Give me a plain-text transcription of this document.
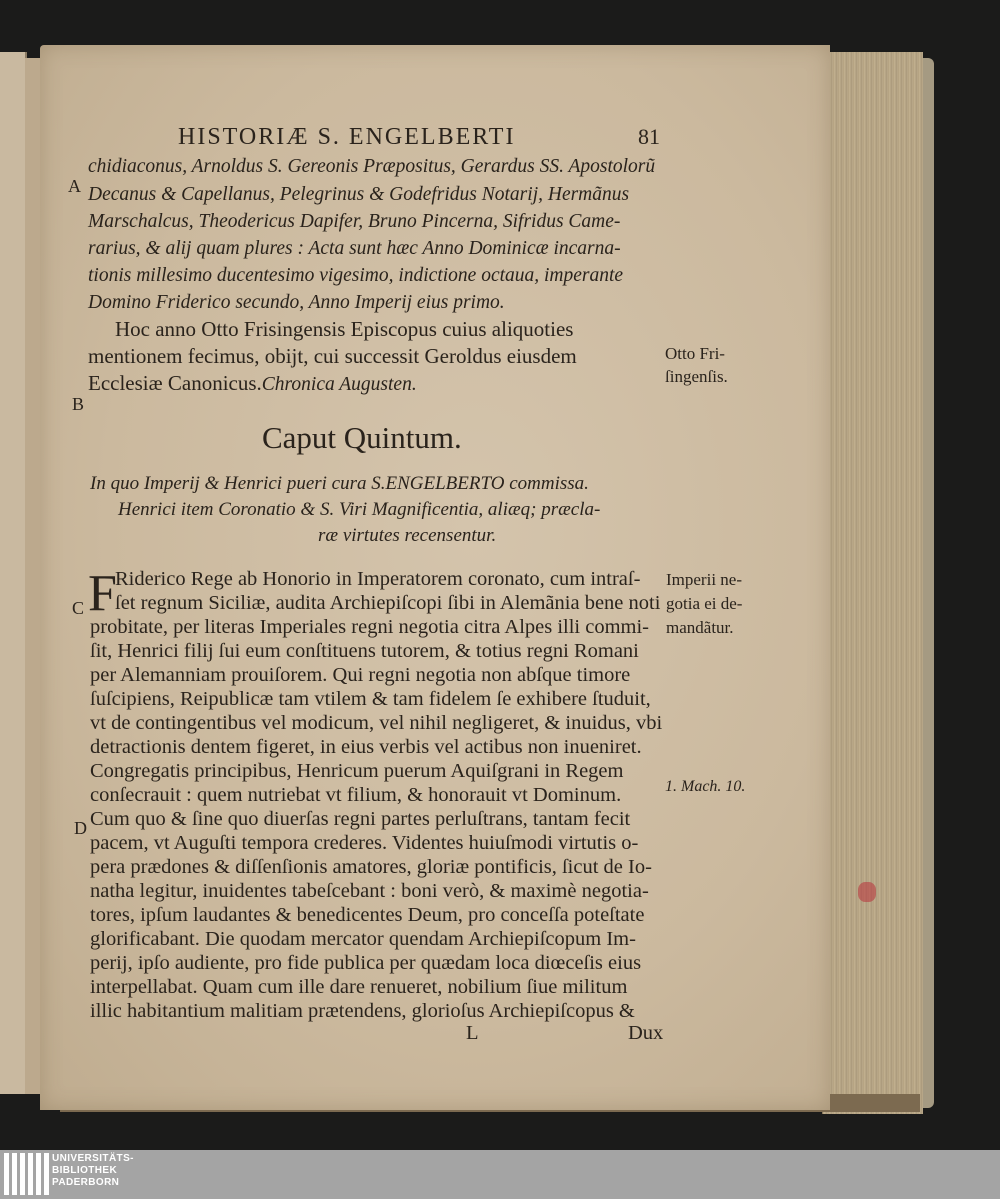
HISTORIÆ S. ENGELBERTI	81
A
B
C
D
chidiaconus, Arnoldus S. Gereonis Præpositus, Gerardus SS. Apostolorũ
Decanus & Capellanus, Pelegrinus & Godefridus Notarij, Hermãnus
Marschalcus, Theodericus Dapifer, Bruno Pincerna, Sifridus Came-
rarius, & alij quam plures : Acta sunt hæc Anno Dominicæ incarna-
tionis millesimo ducentesimo vigesimo, indictione octaua, imperante
Domino Friderico secundo, Anno Imperij eius primo.
Hoc anno Otto Frisingensis Episcopus cuius aliquoties
mentionem fecimus, obijt, cui successit Geroldus eiusdem
Ecclesiæ Canonicus.Chronica Augusten.
Otto Fri-
ſingenſis.
Caput Quintum.
In quo Imperij & Henrici pueri cura S.ENGELBERTO commissa.
Henrici item Coronatio & S. Viri Magnificentia, aliæq; præcla-
ræ virtutes recensentur.
F
Riderico Rege ab Honorio in Imperatorem coronato, cum intraſ-
ſet regnum Siciliæ, audita Archiepiſcopi ſibi in Alemãnia bene noti
probitate, per literas Imperiales regni negotia citra Alpes illi commi-
ſit, Henrici filij ſui eum conſtituens tutorem, & totius regni Romani
per Alemanniam prouiſorem. Qui regni negotia non abſque timore
ſuſcipiens, Reipublicæ tam vtilem & tam fidelem ſe exhibere ſtuduit,
vt de contingentibus vel modicum, vel nihil negligeret, & inuidus, vbi
detractionis dentem figeret, in eius verbis vel actibus non inueniret.
Congregatis principibus, Henricum puerum Aquiſgrani in Regem
conſecrauit : quem nutriebat vt filium, & honorauit vt Dominum.
Cum quo & ſine quo diuerſas regni partes perluſtrans, tantam fecit
pacem, vt Auguſti tempora crederes. Videntes huiuſmodi virtutis o-
pera prædones & diſſenſionis amatores, gloriæ pontificis, ſicut de Io-
natha legitur, inuidentes tabeſcebant : boni verò, & maximè negotia-
tores, ipſum laudantes & benedicentes Deum, pro conceſſa poteſtate
glorificabant. Die quodam mercator quendam Archiepiſcopum Im-
perij, ipſo audiente, pro fide publica per quædam loca diœceſis eius
interpellabat. Quam cum ille dare renueret, nobilium ſiue militum
illic habitantium malitiam prætendens, glorioſus Archiepiſcopus &
Imperii ne-
gotia ei de-
mandãtur.
1. Mach. 10.
L	Dux
UNIVERSITÄTS-
BIBLIOTHEK
PADERBORN
